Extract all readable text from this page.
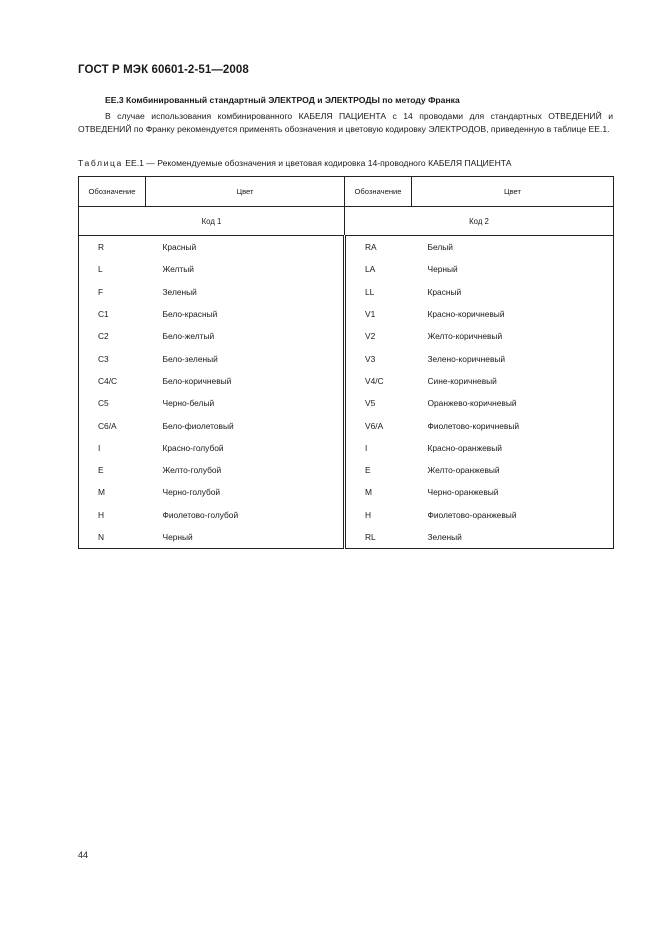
ГОСТ Р МЭК 60601-2-51—2008
ЕЕ.3 Комбинированный стандартный ЭЛЕКТРОД и ЭЛЕКТРОДЫ по методу Франка
В случае использования комбинированного КАБЕЛЯ ПАЦИЕНТА с 14 проводами для стандартных ОТВЕДЕНИЙ и ОТВЕДЕНИЙ по Франку рекомендуется применять обозначения и цветовую кодировку ЭЛЕКТРОДОВ, приведенную в таблице ЕЕ.1.
Таблица ЕЕ.1 — Рекомендуемые обозначения и цветовая кодировка 14-проводного КАБЕЛЯ ПАЦИЕНТА
Обозначение	Цвет	Обозначение	Цвет
Код 1		Код 2	
R	Красный	RA	Белый
L	Желтый	LA	Черный
F	Зеленый	LL	Красный
C1	Бело-красный	V1	Красно-коричневый
C2	Бело-желтый	V2	Желто-коричневый
C3	Бело-зеленый	V3	Зелено-коричневый
C4/C	Бело-коричневый	V4/C	Сине-коричневый
C5	Черно-белый	V5	Оранжево-коричневый
C6/A	Бело-фиолетовый	V6/A	Фиолетово-коричневый
I	Красно-голубой	I	Красно-оранжевый
E	Желто-голубой	E	Желто-оранжевый
M	Черно-голубой	M	Черно-оранжевый
H	Фиолетово-голубой	H	Фиолетово-оранжевый
N	Черный	RL	Зеленый
44
